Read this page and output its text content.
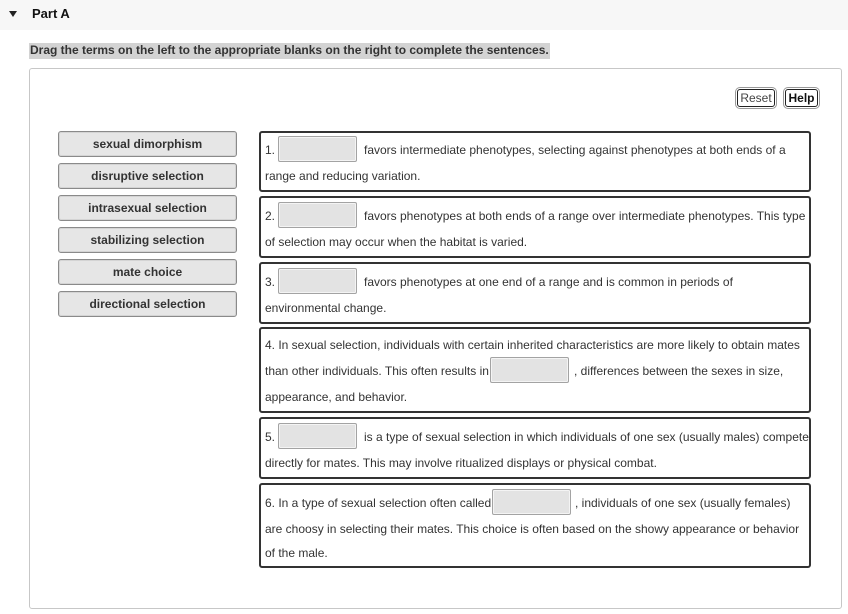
Part A
Drag the terms on the left to the appropriate blanks on the right to complete the sentences.
Reset Help
sexual dimorphism
disruptive selection
intrasexual selection
stabilizing selection
mate choice
directional selection
1.	favors intermediate phenotypes, selecting against phenotypes at both ends of a
range and reducing variation.
2.	favors phenotypes at both ends of a range over intermediate phenotypes. This type
of selection may occur when the habitat is varied.
3.	favors phenotypes at one end of a range and is common in periods of
environmental change.
4. In sexual selection, individuals with certain inherited characteristics are more likely to obtain mates
than other individuals. This often results in	, differences between the sexes in size,
appearance, and behavior.
5.	is a type of sexual selection in which individuals of one sex (usually males) compete
directly for mates. This may involve ritualized displays or physical combat.
6. In a type of sexual selection often called	, individuals of one sex (usually females)
are choosy in selecting their mates. This choice is often based on the showy appearance or behavior
of the male.
